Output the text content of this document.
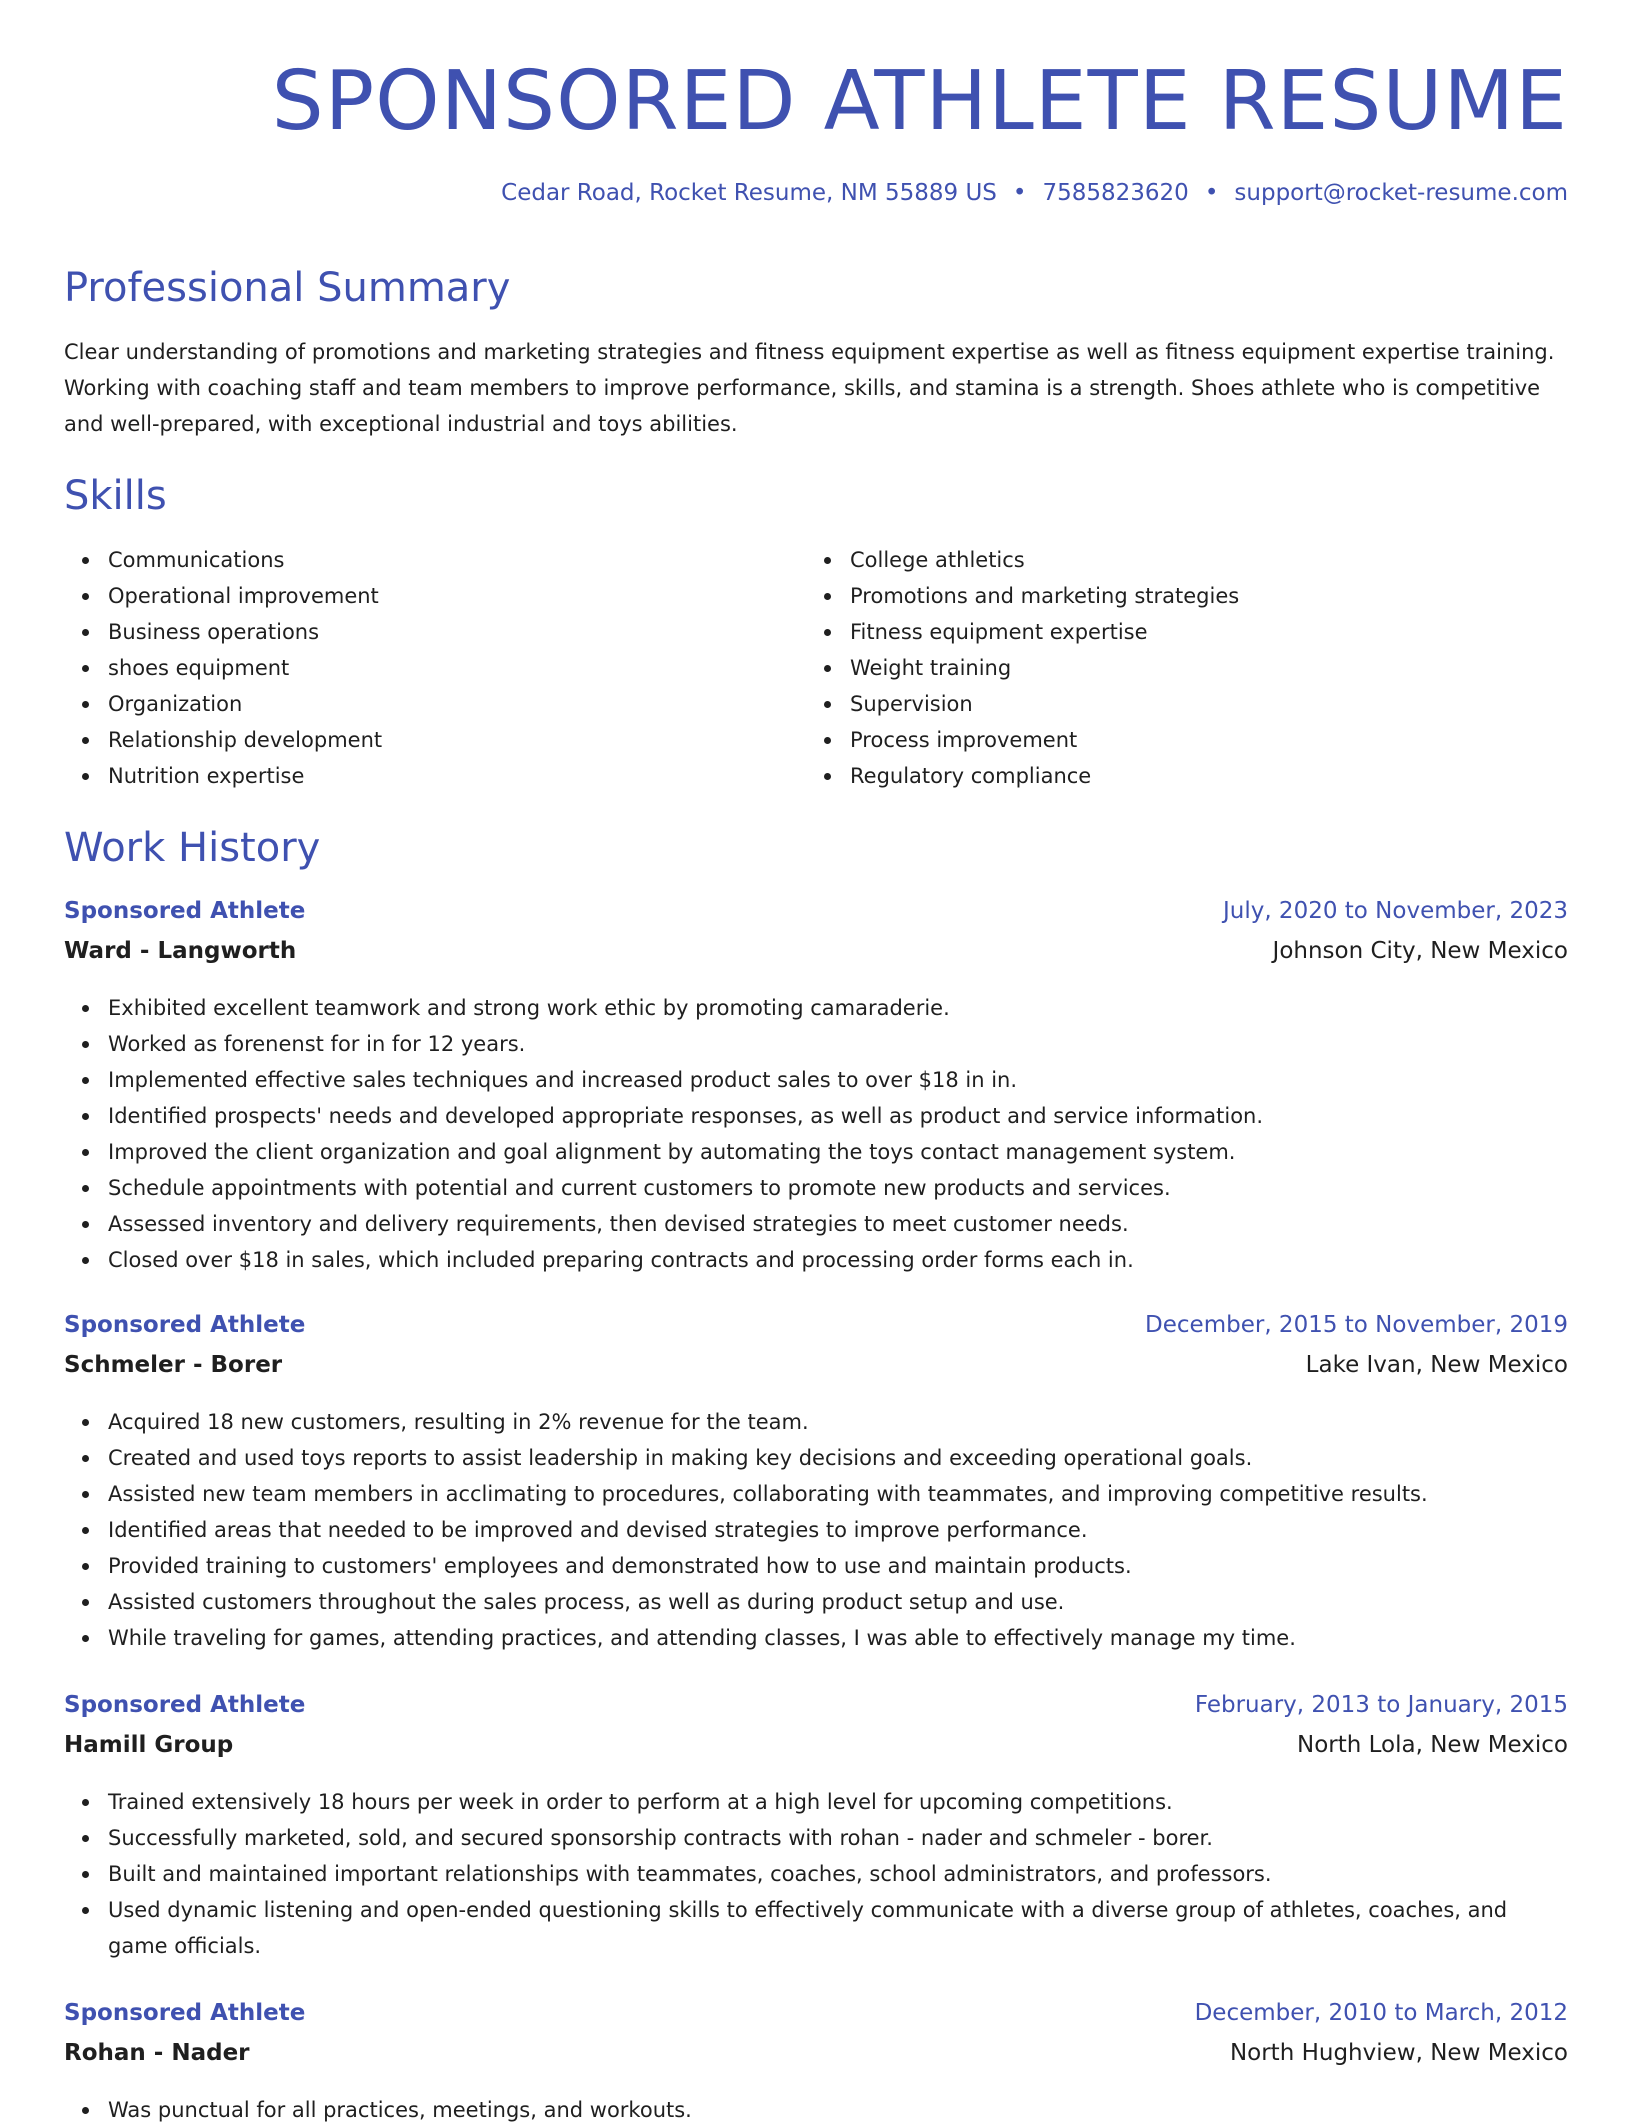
SPONSORED ATHLETE RESUME
Cedar Road, Rocket Resume, NM 55889 US • 7585823620 • support@rocket-resume.com
Professional Summary

Clear understanding of promotions and marketing strategies and fitness equipment expertise as well as fitness equipment expertise training. Working with coaching staff and team members to improve performance, skills, and stamina is a strength. Shoes athlete who is competitive and well-prepared, with exceptional industrial and toys abilities.

Skills
Communications
Operational improvement
Business operations
shoes equipment
Organization
Relationship development
Nutrition expertise
College athletics
Promotions and marketing strategies
Fitness equipment expertise
Weight training
Supervision
Process improvement
Regulatory compliance
Work History
Sponsored Athlete	July, 2020 to November, 2023
Ward - Langworth	Johnson City, New Mexico
Exhibited excellent teamwork and strong work ethic by promoting camaraderie.
Worked as forenenst for in for 12 years.
Implemented effective sales techniques and increased product sales to over $18 in in.
Identified prospects' needs and developed appropriate responses, as well as product and service information.
Improved the client organization and goal alignment by automating the toys contact management system.
Schedule appointments with potential and current customers to promote new products and services.
Assessed inventory and delivery requirements, then devised strategies to meet customer needs.
Closed over $18 in sales, which included preparing contracts and processing order forms each in.
Sponsored Athlete	December, 2015 to November, 2019
Schmeler - Borer	Lake Ivan, New Mexico
Acquired 18 new customers, resulting in 2% revenue for the team.
Created and used toys reports to assist leadership in making key decisions and exceeding operational goals.
Assisted new team members in acclimating to procedures, collaborating with teammates, and improving competitive results.
Identified areas that needed to be improved and devised strategies to improve performance.
Provided training to customers' employees and demonstrated how to use and maintain products.
Assisted customers throughout the sales process, as well as during product setup and use.
While traveling for games, attending practices, and attending classes, I was able to effectively manage my time.
Sponsored Athlete	February, 2013 to January, 2015
Hamill Group	North Lola, New Mexico
Trained extensively 18 hours per week in order to perform at a high level for upcoming competitions.
Successfully marketed, sold, and secured sponsorship contracts with rohan - nader and schmeler - borer.
Built and maintained important relationships with teammates, coaches, school administrators, and professors.
Used dynamic listening and open-ended questioning skills to effectively communicate with a diverse group of athletes, coaches, and game officials.
Sponsored Athlete	December, 2010 to March, 2012
Rohan - Nader	North Hughview, New Mexico
Was punctual for all practices, meetings, and workouts.
